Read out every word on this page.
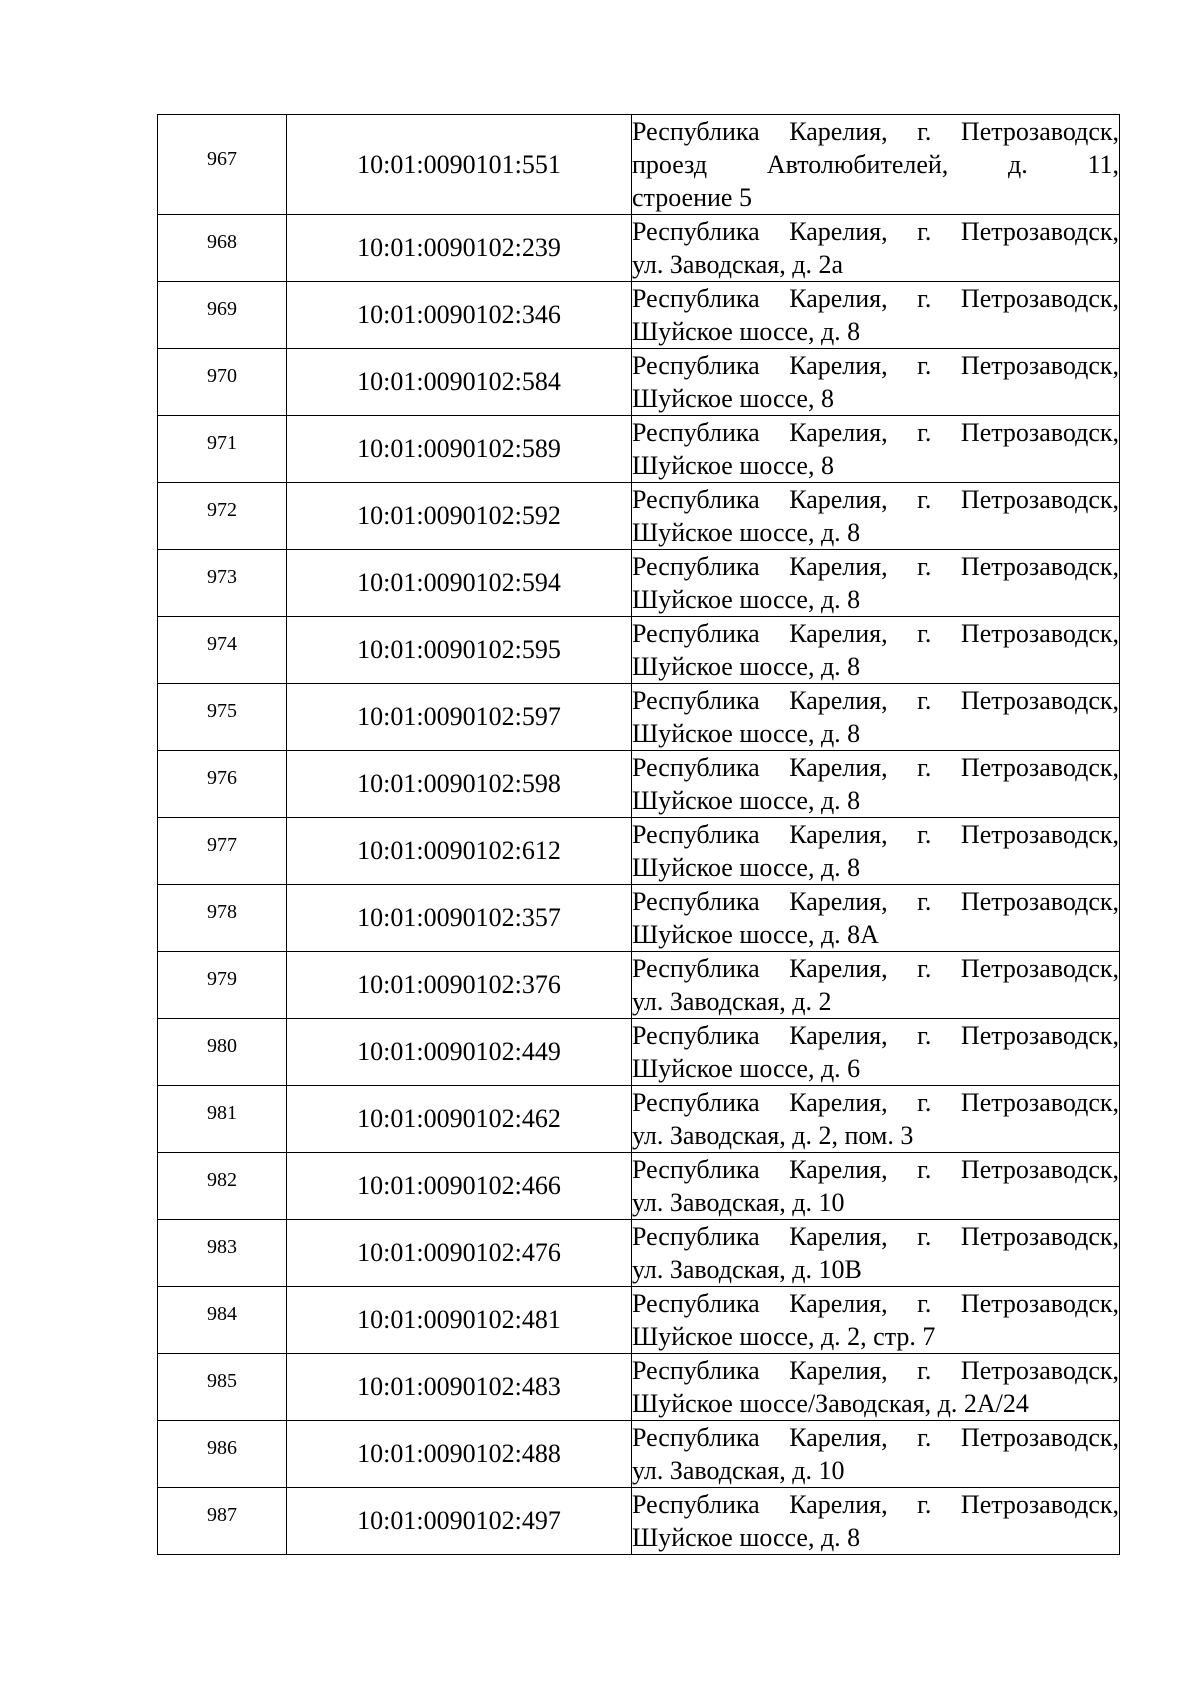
967	10:01:0090101:551	Республика Карелия, г. Петрозаводск,
проезд Автолюбителей, д. 11,
строение 5

968	10:01:0090102:239	Республика Карелия, г. Петрозаводск,
ул. Заводская, д. 2а

969	10:01:0090102:346	Республика Карелия, г. Петрозаводск,
Шуйское шоссе, д. 8

970	10:01:0090102:584	Республика Карелия, г. Петрозаводск,
Шуйское шоссе, 8

971	10:01:0090102:589	Республика Карелия, г. Петрозаводск,
Шуйское шоссе, 8

972	10:01:0090102:592	Республика Карелия, г. Петрозаводск,
Шуйское шоссе, д. 8

973	10:01:0090102:594	Республика Карелия, г. Петрозаводск,
Шуйское шоссе, д. 8

974	10:01:0090102:595	Республика Карелия, г. Петрозаводск,
Шуйское шоссе, д. 8

975	10:01:0090102:597	Республика Карелия, г. Петрозаводск,
Шуйское шоссе, д. 8

976	10:01:0090102:598	Республика Карелия, г. Петрозаводск,
Шуйское шоссе, д. 8

977	10:01:0090102:612	Республика Карелия, г. Петрозаводск,
Шуйское шоссе, д. 8

978	10:01:0090102:357	Республика Карелия, г. Петрозаводск,
Шуйское шоссе, д. 8А

979	10:01:0090102:376	Республика Карелия, г. Петрозаводск,
ул. Заводская, д. 2

980	10:01:0090102:449	Республика Карелия, г. Петрозаводск,
Шуйское шоссе, д. 6

981	10:01:0090102:462	Республика Карелия, г. Петрозаводск,
ул. Заводская, д. 2, пом. 3

982	10:01:0090102:466	Республика Карелия, г. Петрозаводск,
ул. Заводская, д. 10

983	10:01:0090102:476	Республика Карелия, г. Петрозаводск,
ул. Заводская, д. 10В

984	10:01:0090102:481	Республика Карелия, г. Петрозаводск,
Шуйское шоссе, д. 2, стр. 7

985	10:01:0090102:483	Республика Карелия, г. Петрозаводск,
Шуйское шоссе/Заводская, д. 2А/24

986	10:01:0090102:488	Республика Карелия, г. Петрозаводск,
ул. Заводская, д. 10

987	10:01:0090102:497	Республика Карелия, г. Петрозаводск,
Шуйское шоссе, д. 8
